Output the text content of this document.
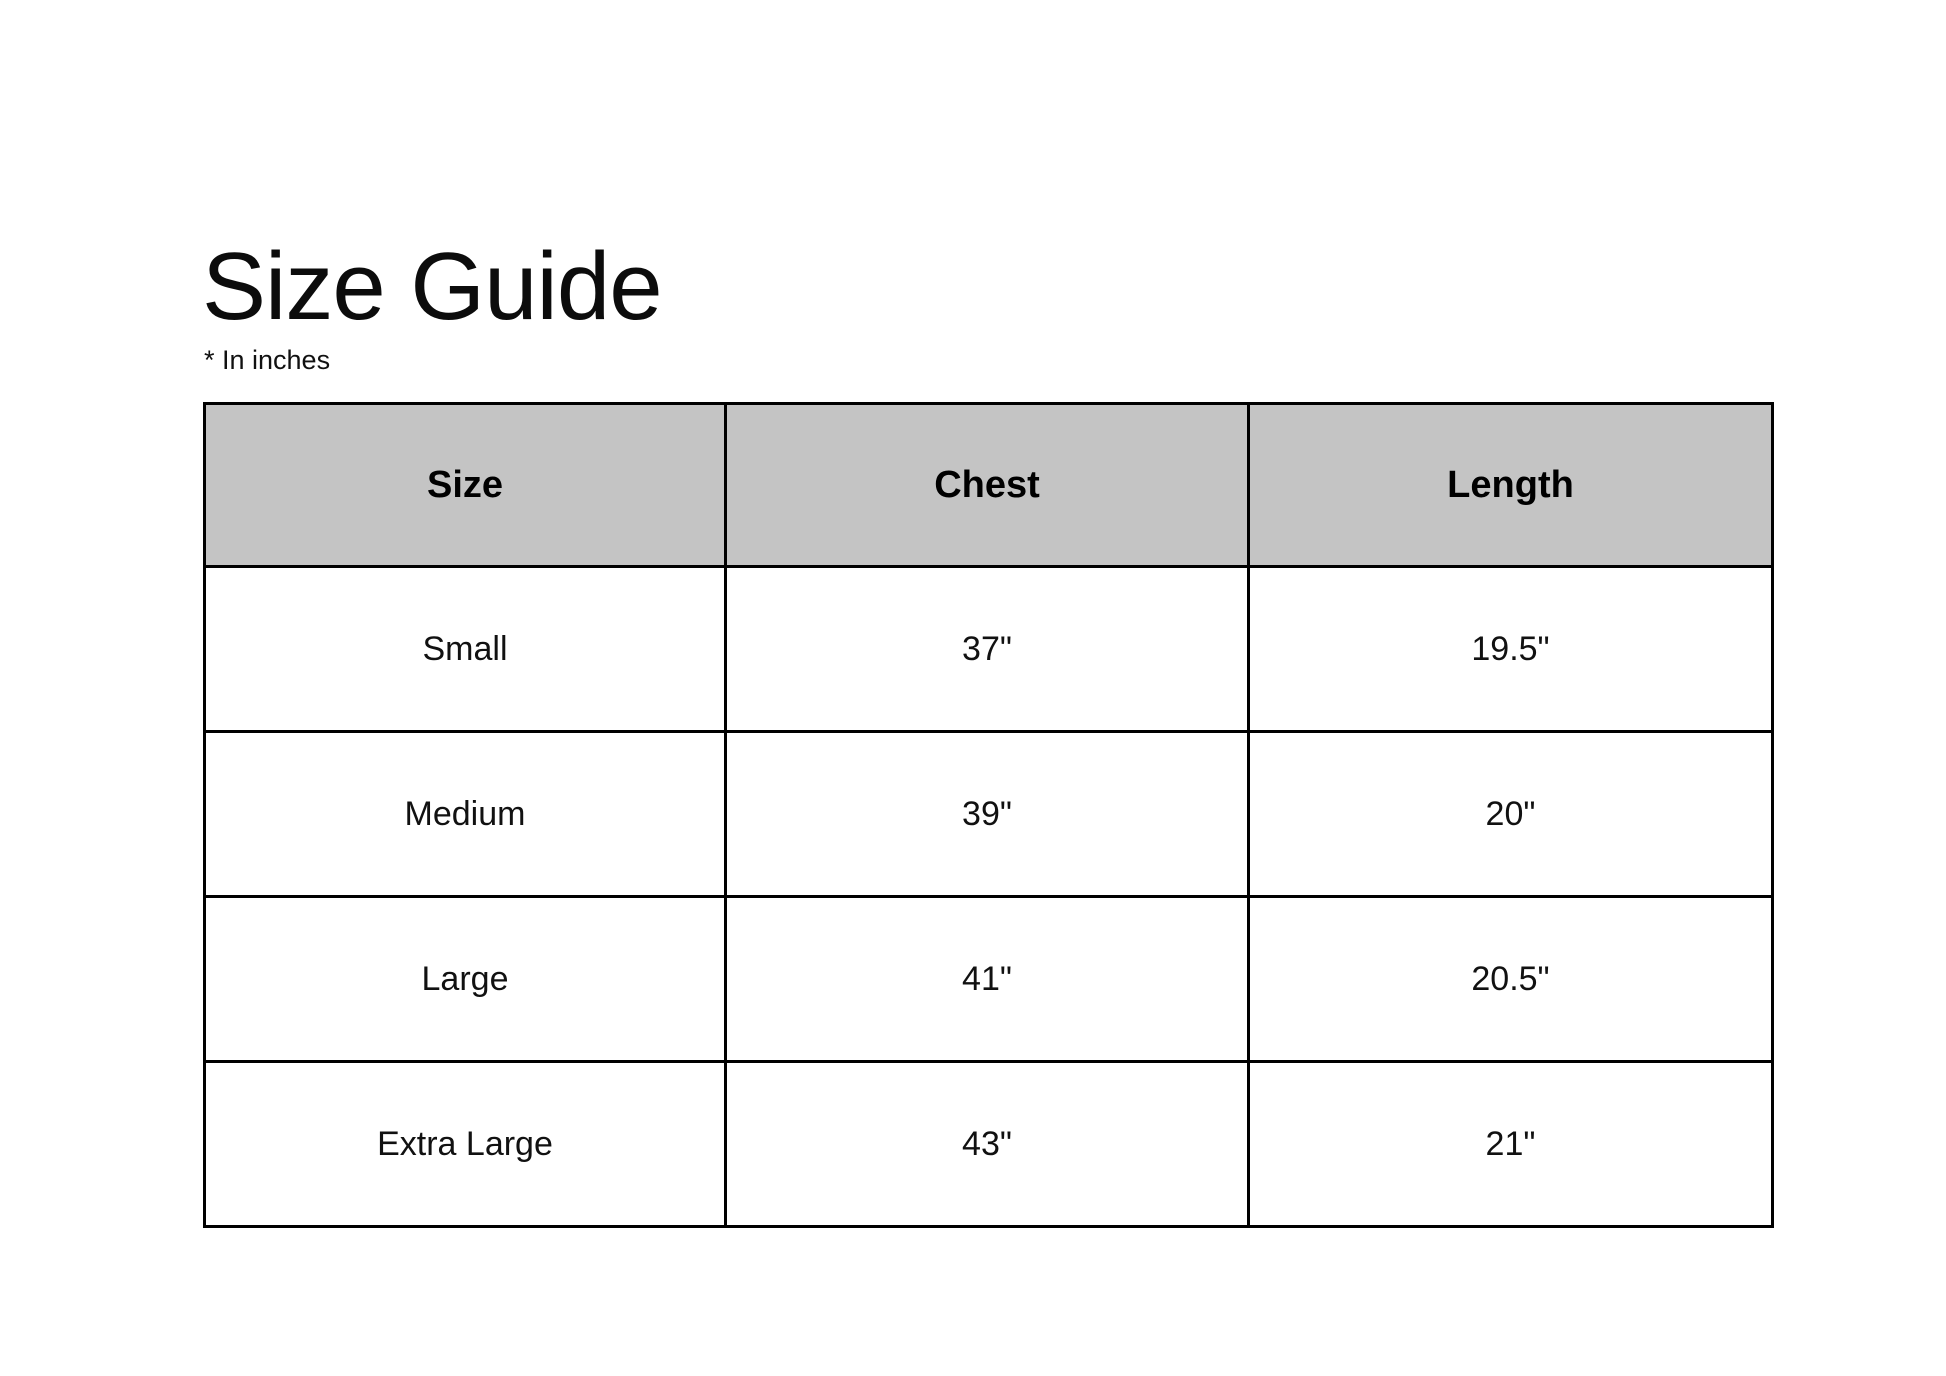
Size Guide
* In inches
Size	Chest	Length
Small	37"	19.5"
Medium	39"	20"
Large	41"	20.5"
Extra Large	43"	21"
